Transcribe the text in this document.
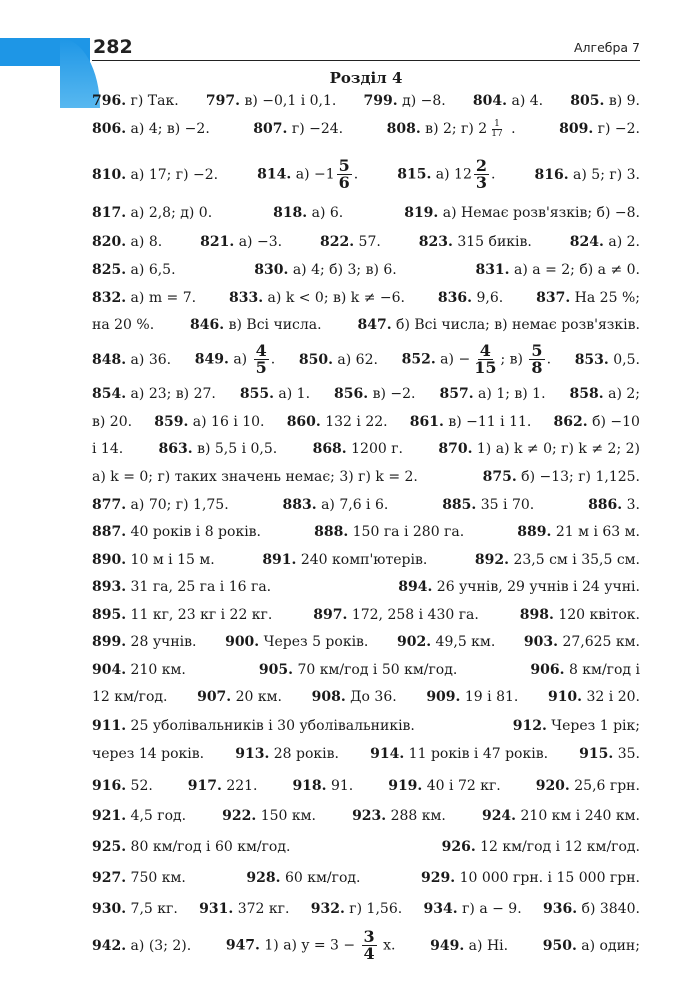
282	Алгебра 7
Розділ 4
796. г) Так. 797. в) −0,1 і 0,1. 799. д) −8. 804. а) 4. 805. в) 9.
806. а) 4; в) −2.	807. г) −24.	808. в) 2; г) $2 \frac{1}{17}$ .	809. г) −2.
810. а) 17; г) −2.	814. $а) -1 \frac{5}{6}$ .	815. а) $12 \frac{2}{3}$ .	816. а) 5; г) 3.
817. а) 2,8; д) 0.	818. а) 6.	819. а) Немає розв'язків; б) −8.
820. а) 8.	821. а) −3.	822. 57.	823. 315 биків.	824. а) 2.
825. а) 6,5.	830. а) 4; б) 3; в) 6.	831. а) a = 2; б) a ≠ 0.
832. а) m = 7. 833. а) k < 0; в) k ≠ −6. 836. 9,6. 837. На 25 %;
на 20 %.	846. в) Всі числа.	847. б) Всі числа; в) немає розв'язків.
848. а) 36. 849. $а) \frac{4}{5}$ . 850. а) 62. 852. $а) - \frac{4}{15}$ ; $в) \frac{5}{8}$ . 853. 0,5.
854. а) 23; в) 27. 855. а) 1. 856. в) −2. 857. а) 1; в) 1. 858. а) 2;
в) 20. 859. а) 16 і 10. 860. 132 і 22. 861. в) −11 і 11. 862. б) −10
і 14.	863. в) 5,5 і 0,5.	868. 1200 г.	870. 1) а) k ≠ 0; г) k ≠ 2; 2)
а) k = 0; г) таких значень немає; 3) г) k = 2.	875. б) −13; г) 1,125.
877. а) 70; г) 1,75.	883. а) 7,6 і 6.	885. 35 і 70.	886. 3.
887. 40 років і 8 років.	888. 150 га і 280 га.	889. 21 м і 63 м.
890. 10 м і 15 м.	891. 240 комп'ютерів.	892. 23,5 см і 35,5 см.
893. 31 га, 25 га і 16 га.	894. 26 учнів, 29 учнів і 24 учні.
895. 11 кг, 23 кг і 22 кг.	897. 172, 258 і 430 га.	898. 120 квіток.
899. 28 учнів. 900. Через 5 років. 902. 49,5 км. 903. 27,625 км.
904. 210 км.	905. 70 км/год і 50 км/год.	906. 8 км/год і
12 км/год. 907. 20 км. 908. До 36. 909. 19 і 81. 910. 32 і 20.
911. 25 уболівальників і 30 уболівальників.	912. Через 1 рік;
через 14 років. 913. 28 років. 914. 11 років і 47 років. 915. 35.
916. 52. 917. 221. 918. 91. 919. 40 і 72 кг. 920. 25,6 грн.
921. 4,5 год.	922. 150 км.	923. 288 км.	924. 210 км і 240 км.
925. 80 км/год і 60 км/год.	926. 12 км/год і 12 км/год.
927. 750 км.	928. 60 км/год.	929. 10 000 грн. і 15 000 грн.
930. 7,5 кг. 931. 372 кг. 932. г) 1,56. 934. г) a − 9. 936. б) 3840.
942. а) (3; 2). 947. 1) а) $y = 3 - \frac{3}{4} x$. 949. а) Ні. 950. а) один;
